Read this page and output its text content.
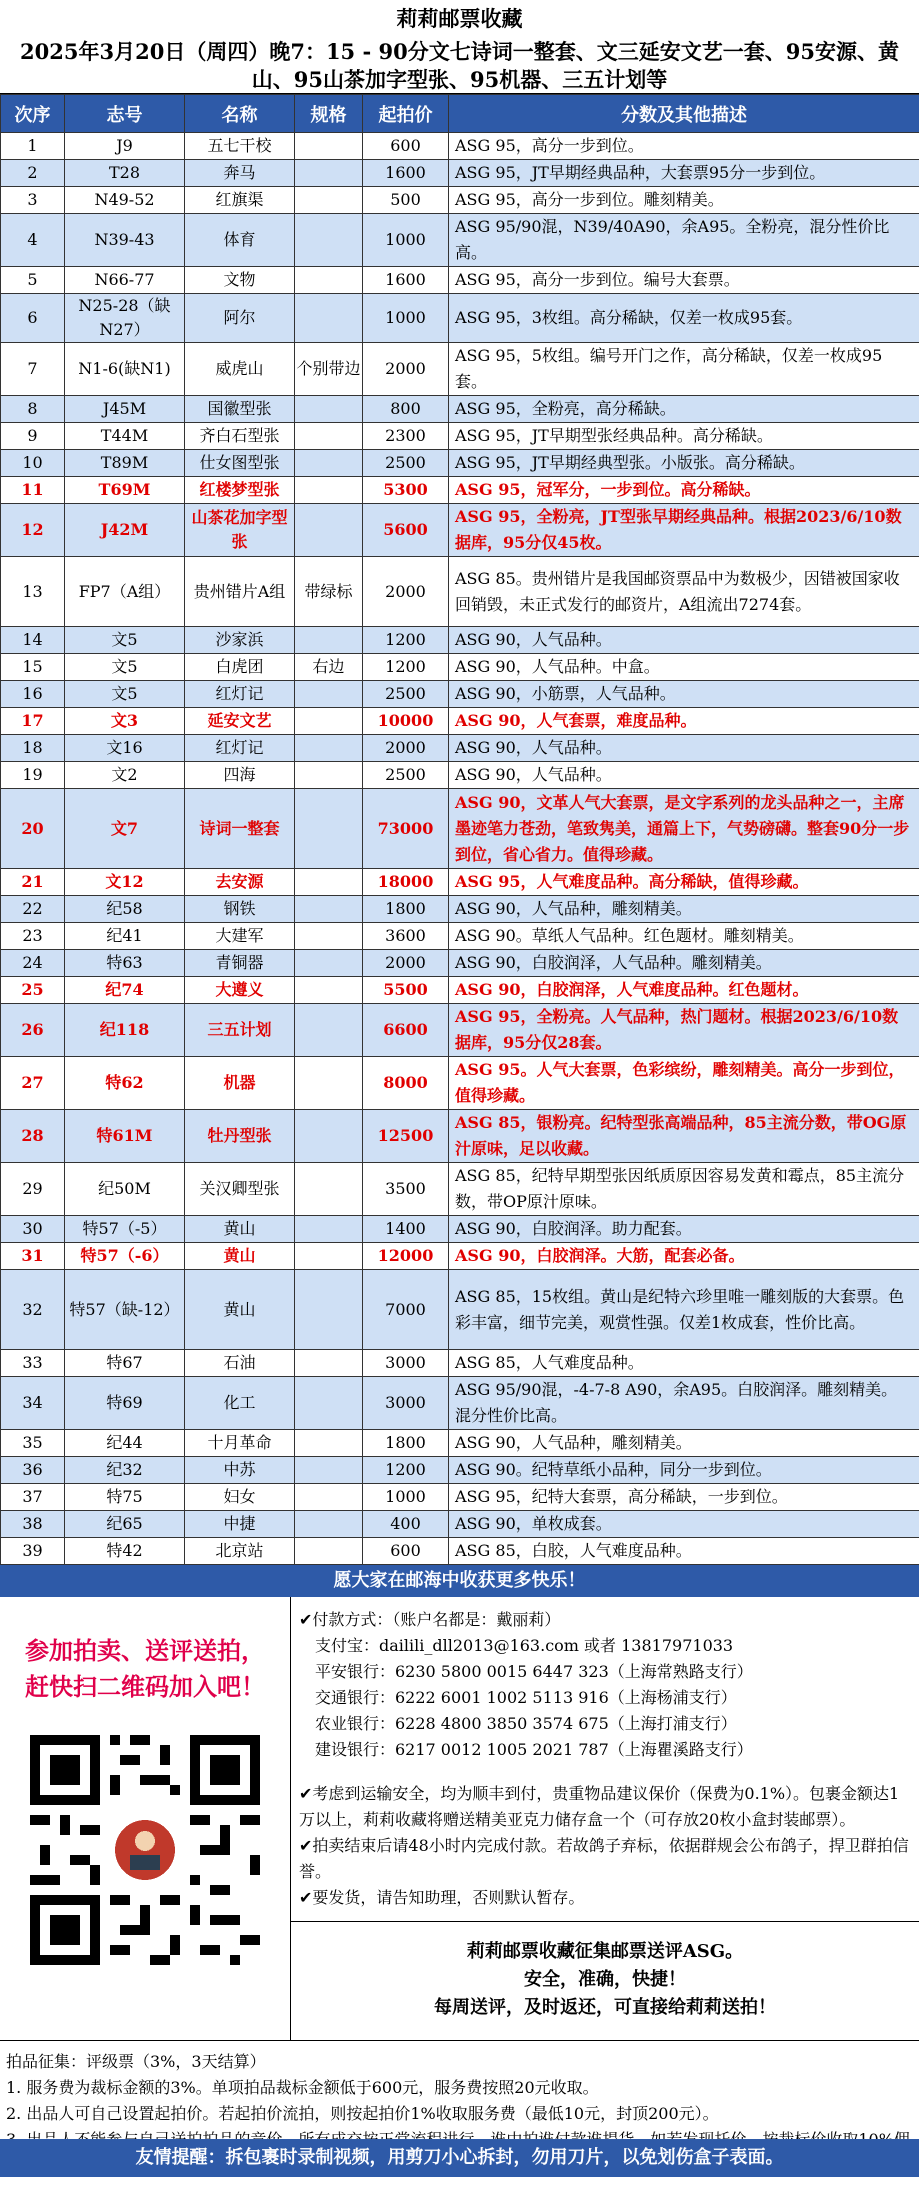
莉莉邮票收藏
2025年3月20日（周四）晚7：15 - 90分文七诗词一整套、文三延安文艺一套、95安源、黄山、95山茶加字型张、95机器、三五计划等
次序	志号	名称	规格	起拍价	分数及其他描述
1	J9	五七干校		600	ASG 95，高分一步到位。
2	T28	奔马		1600	ASG 95，JT早期经典品种，大套票95分一步到位。
3	N49-52	红旗渠		500	ASG 95，高分一步到位。雕刻精美。
4	N39-43	体育		1000	ASG 95/90混，N39/40A90，余A95。全粉亮，混分性价比高。
5	N66-77	文物		1600	ASG 95，高分一步到位。编号大套票。
6	N25-28（缺N27）	阿尔		1000	ASG 95，3枚组。高分稀缺，仅差一枚成95套。
7	N1-6(缺N1)	威虎山	个别带边	2000	ASG 95，5枚组。编号开门之作，高分稀缺，仅差一枚成95套。
8	J45M	国徽型张		800	ASG 95，全粉亮，高分稀缺。
9	T44M	齐白石型张		2300	ASG 95，JT早期型张经典品种。高分稀缺。
10	T89M	仕女图型张		2500	ASG 95，JT早期经典型张。小版张。高分稀缺。
11	T69M	红楼梦型张		5300	ASG 95，冠军分，一步到位。高分稀缺。
12	J42M	山茶花加字型张		5600	ASG 95，全粉亮，JT型张早期经典品种。根据2023/6/10数据库，95分仅45枚。
13	FP7（A组）	贵州错片A组	带绿标	2000	ASG 85。贵州错片是我国邮资票品中为数极少，因错被国家收回销毁，未正式发行的邮资片，A组流出7274套。
14	文5	沙家浜		1200	ASG 90，人气品种。
15	文5	白虎团	右边	1200	ASG 90，人气品种。中盒。
16	文5	红灯记		2500	ASG 90，小筋票，人气品种。
17	文3	延安文艺		10000	ASG 90，人气套票，难度品种。
18	文16	红灯记		2000	ASG 90，人气品种。
19	文2	四海		2500	ASG 90，人气品种。
20	文7	诗词一整套		73000	ASG 90，文革人气大套票，是文字系列的龙头品种之一，主席墨迹笔力苍劲，笔致隽美，通篇上下，气势磅礴。整套90分一步到位，省心省力。值得珍藏。
21	文12	去安源		18000	ASG 95，人气难度品种。高分稀缺，值得珍藏。
22	纪58	钢铁		1800	ASG 90，人气品种，雕刻精美。
23	纪41	大建军		3600	ASG 90。草纸人气品种。红色题材。雕刻精美。
24	特63	青铜器		2000	ASG 90，白胶润泽，人气品种。雕刻精美。
25	纪74	大遵义		5500	ASG 90，白胶润泽，人气难度品种。红色题材。
26	纪118	三五计划		6600	ASG 95，全粉亮。人气品种，热门题材。根据2023/6/10数据库，95分仅28套。
27	特62	机器		8000	ASG 95。人气大套票，色彩缤纷，雕刻精美。高分一步到位，值得珍藏。
28	特61M	牡丹型张		12500	ASG 85，银粉亮。纪特型张高端品种，85主流分数，带OG原汁原味，足以收藏。
29	纪50M	关汉卿型张		3500	ASG 85，纪特早期型张因纸质原因容易发黄和霉点，85主流分数，带OP原汁原味。
30	特57（-5）	黄山		1400	ASG 90，白胶润泽。助力配套。
31	特57（-6）	黄山		12000	ASG 90，白胶润泽。大筋，配套必备。
32	特57（缺-12）	黄山		7000	ASG 85，15枚组。黄山是纪特六珍里唯一雕刻版的大套票。色彩丰富，细节完美，观赏性强。仅差1枚成套，性价比高。
33	特67	石油		3000	ASG 85，人气难度品种。
34	特69	化工		3000	ASG 95/90混，-4-7-8 A90，余A95。白胶润泽。雕刻精美。混分性价比高。
35	纪44	十月革命		1800	ASG 90，人气品种，雕刻精美。
36	纪32	中苏		1200	ASG 90。纪特草纸小品种，同分一步到位。
37	特75	妇女		1000	ASG 95，纪特大套票，高分稀缺，一步到位。
38	纪65	中捷		400	ASG 90，单枚成套。
39	特42	北京站		600	ASG 85，白胶，人气难度品种。
愿大家在邮海中收获更多快乐！
参加拍卖、送评送拍，
赶快扫二维码加入吧！
✔付款方式：（账户名都是：戴丽莉）
支付宝：dailili_dll2013@163.com 或者 13817971033
平安银行：6230 5800 0015 6447 323（上海常熟路支行）
交通银行：6222 6001 1002 5113 916（上海杨浦支行）
农业银行：6228 4800 3850 3574 675（上海打浦支行）
建设银行：6217 0012 1005 2021 787（上海瞿溪路支行）
✔考虑到运输安全，均为顺丰到付，贵重物品建议保价（保费为0.1%）。包裹金额达1万以上，莉莉收藏将赠送精美亚克力储存盒一个（可存放20枚小盒封装邮票）。
✔拍卖结束后请48小时内完成付款。若故鸽子弃标，依据群规会公布鸽子，捍卫群拍信誉。
✔要发货，请告知助理，否则默认暂存。
莉莉邮票收藏征集邮票送评ASG。
安全，准确，快捷！
每周送评，及时返还，可直接给莉莉送拍！
拍品征集：评级票（3%，3天结算）
1. 服务费为裁标金额的3%。单项拍品裁标金额低于600元，服务费按照20元收取。
2. 出品人可自己设置起拍价。若起拍价流拍，则按起拍价1%收取服务费（最低10元，封顶200元）。
友情提醒：拆包裹时录制视频，用剪刀小心拆封，勿用刀片，以免划伤盒子表面。
